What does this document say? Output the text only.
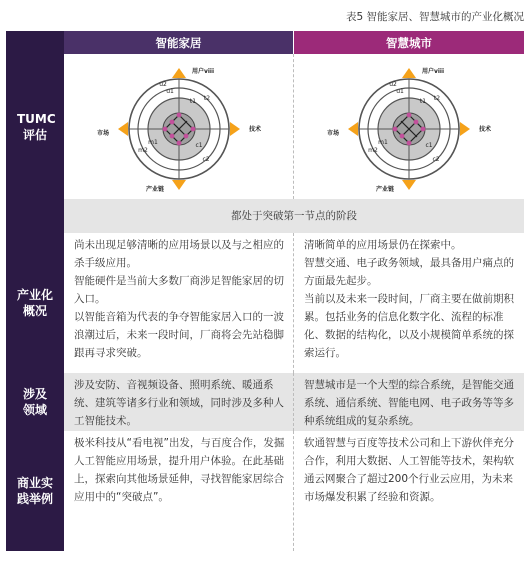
表5 智能家居、智慧城市的产业化概况
智能家居	智慧城市
TUMC评估
用户viii
技术
市场
产业链
u1
u2
t1 t2
m1
m2
c1
c2
用户viii
技术
市场
产业链
u1
u2
t1 t2
m1
m2
c1
c2
都处于突破第一节点的阶段
产业化概况
尚未出现足够清晰的应用场景以及与之相应的杀手级应用。
智能硬件是当前大多数厂商涉足智能家居的切入口。
以智能音箱为代表的争夺智能家居入口的一波浪潮过后，未来一段时间，厂商将会先站稳脚跟再寻求突破。
清晰简单的应用场景仍在探索中。
智慧交通、电子政务领域，最具备用户痛点的方面最先起步。
当前以及未来一段时间，厂商主要在做前期积累。包括业务的信息化数字化、流程的标准化、数据的结构化，以及小规模简单系统的探索运行。
涉及领域
涉及安防、音视频设备、照明系统、暖通系统、建筑等诸多行业和领域，同时涉及多种人工智能技术。
智慧城市是一个大型的综合系统，是智能交通系统、通信系统、智能电网、电子政务等等多种系统组成的复杂系统。
商业实践举例
极米科技从“看电视”出发，与百度合作，发掘人工智能应用场景，提升用户体验。在此基础上，探索向其他场景延伸，寻找智能家居综合应用中的“突破点”。
软通智慧与百度等技术公司和上下游伙伴充分合作，利用大数据、人工智能等技术，架构软通云网聚合了超过200个行业云应用，为未来市场爆发积累了经验和资源。
